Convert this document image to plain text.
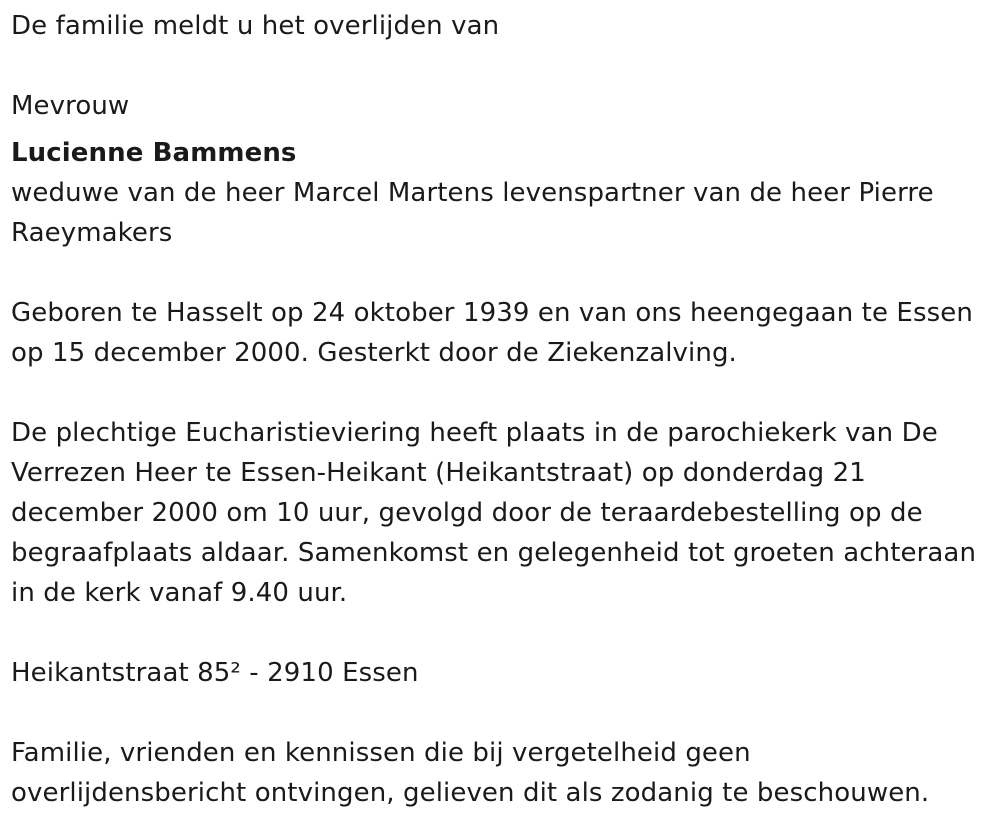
De familie meldt u het overlijden van

Mevrouw

Lucienne Bammens

weduwe van de heer Marcel Martens levenspartner van de heer Pierre Raeymakers

Geboren te Hasselt op 24 oktober 1939 en van ons heengegaan te Essen op 15 december 2000. Gesterkt door de Ziekenzalving.

De plechtige Eucharistieviering heeft plaats in de parochiekerk van De Verrezen Heer te Essen-Heikant (Heikantstraat) op donderdag 21 december 2000 om 10 uur, gevolgd door de teraardebestelling op de begraafplaats aldaar. Samenkomst en gelegenheid tot groeten achteraan in de kerk vanaf 9.40 uur.

Heikantstraat 85² - 2910 Essen

Familie, vrienden en kennissen die bij vergetelheid geen overlijdensbericht ontvingen, gelieven dit als zodanig te beschouwen.
